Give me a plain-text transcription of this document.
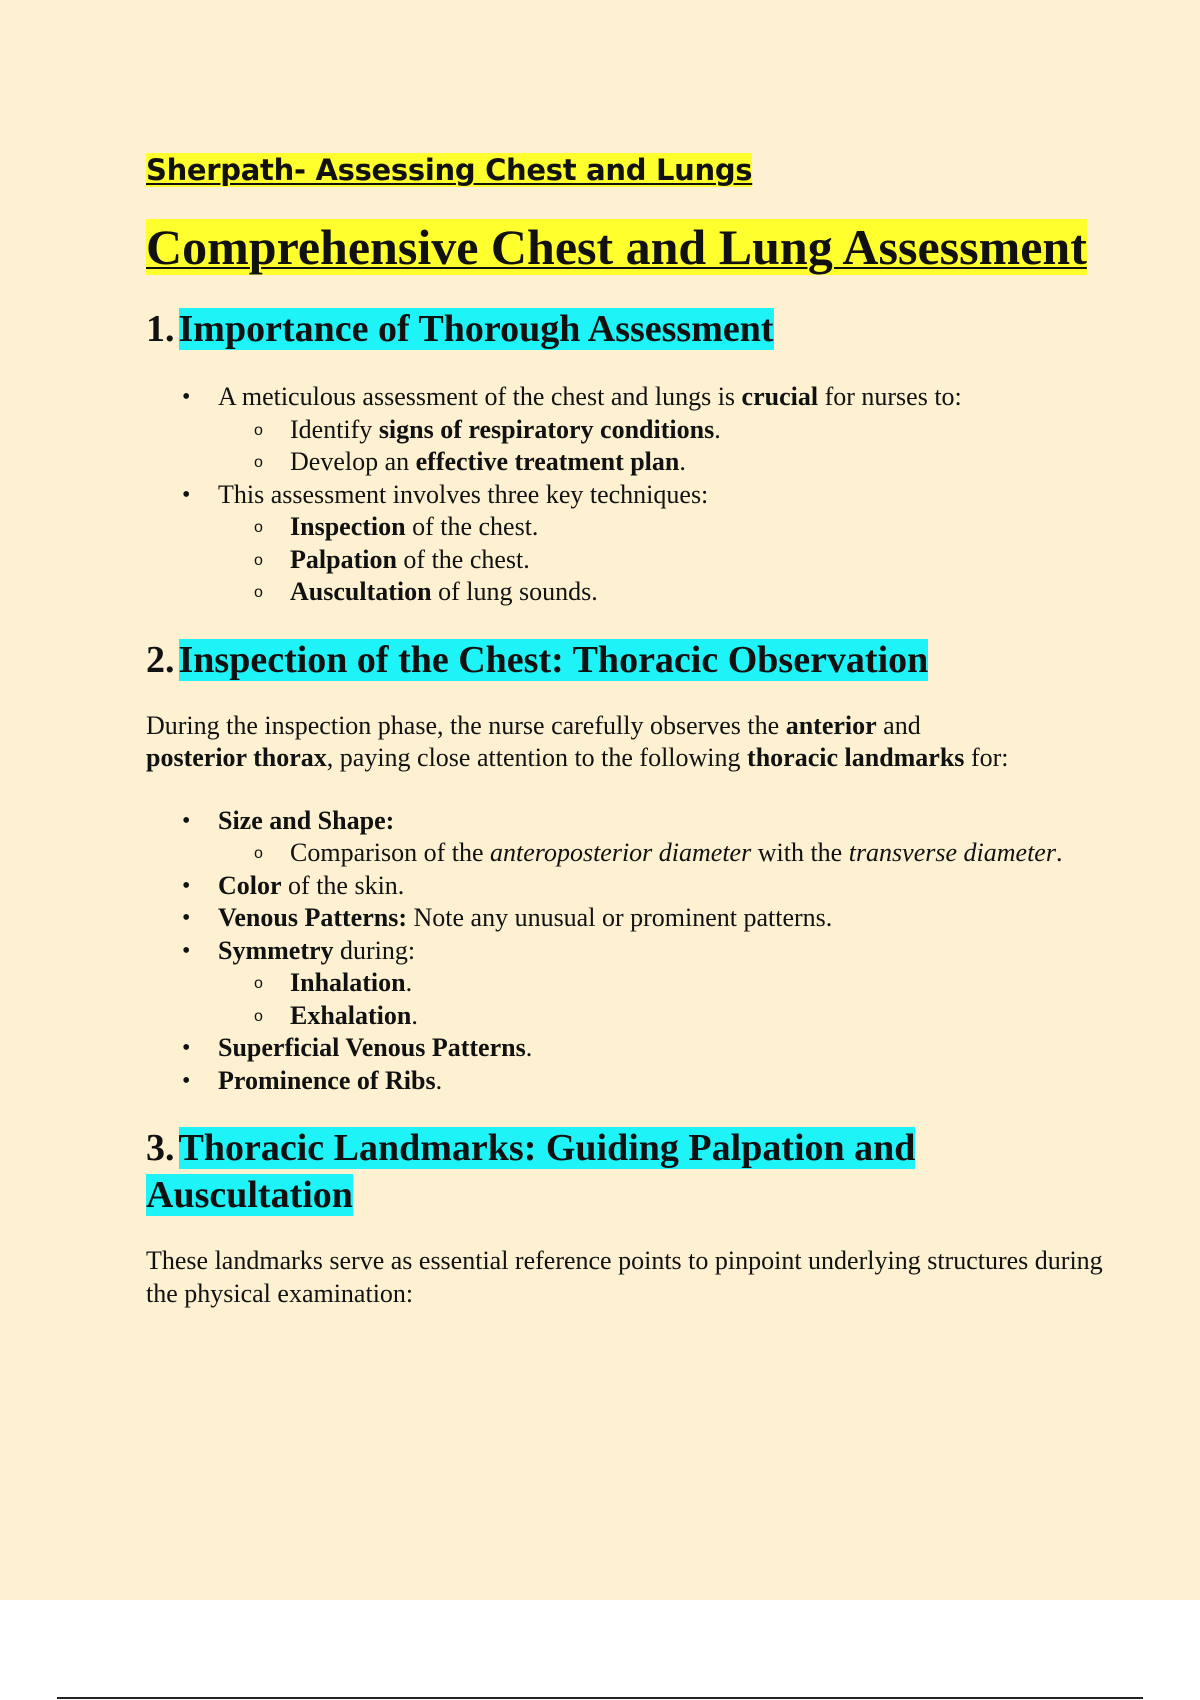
Sherpath- Assessing Chest and Lungs

Comprehensive Chest and Lung Assessment
1. Importance of Thorough Assessment
• A meticulous assessment of the chest and lungs is crucial for nurses to:
o Identify signs of respiratory conditions.
o Develop an effective treatment plan.
• This assessment involves three key techniques:
o Inspection of the chest.
o Palpation of the chest.
o Auscultation of lung sounds.
2. Inspection of the Chest: Thoracic Observation

During the inspection phase, the nurse carefully observes the anterior and
posterior thorax, paying close attention to the following thoracic landmarks for:

• Size and Shape:
o Comparison of the anteroposterior diameter with the transverse diameter.
• Color of the skin.
• Venous Patterns: Note any unusual or prominent patterns.
• Symmetry during:
o Inhalation.
o Exhalation.
• Superficial Venous Patterns.
• Prominence of Ribs.
3. Thoracic Landmarks: Guiding Palpation and Auscultation

These landmarks serve as essential reference points to pinpoint underlying structures during the physical examination:
